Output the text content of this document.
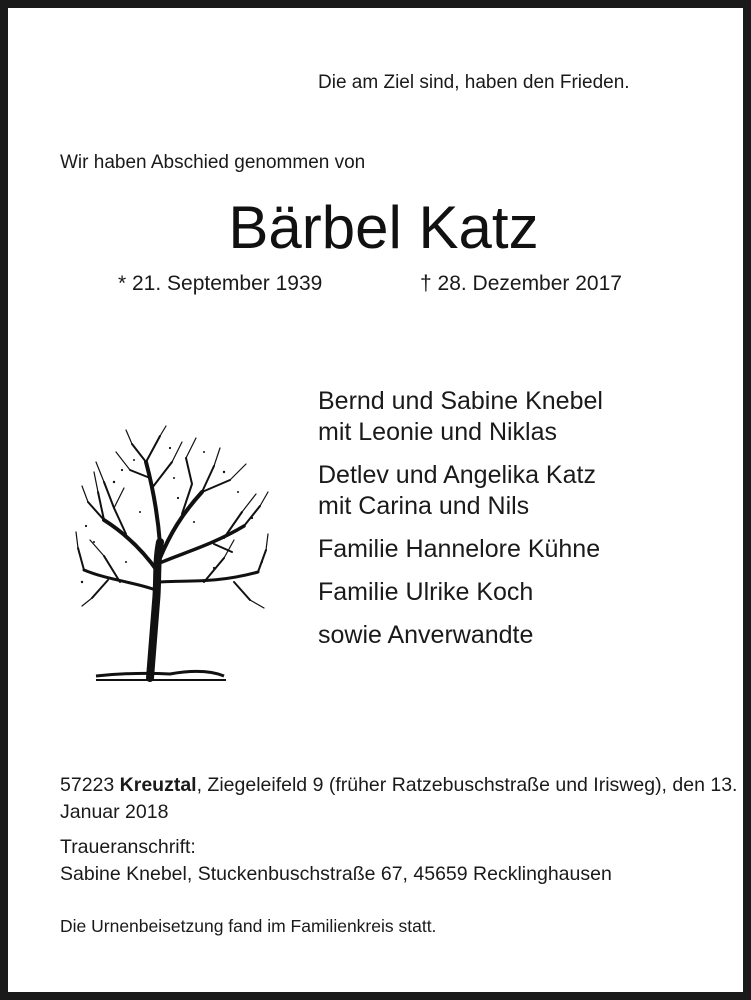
Die am Ziel sind, haben den Frieden.
Wir haben Abschied genommen von
Bärbel Katz
* 21. September 1939	† 28. Dezember 2017
Bernd und Sabine Knebel
mit Leonie und Niklas
Detlev und Angelika Katz
mit Carina und Nils
Familie Hannelore Kühne
Familie Ulrike Koch
sowie Anverwandte
57223 Kreuztal, Ziegeleifeld 9 (früher Ratzebuschstraße und Irisweg), den 13. Januar 2018
Traueranschrift:
Sabine Knebel, Stuckenbuschstraße 67, 45659 Recklinghausen
Die Urnenbeisetzung fand im Familienkreis statt.
